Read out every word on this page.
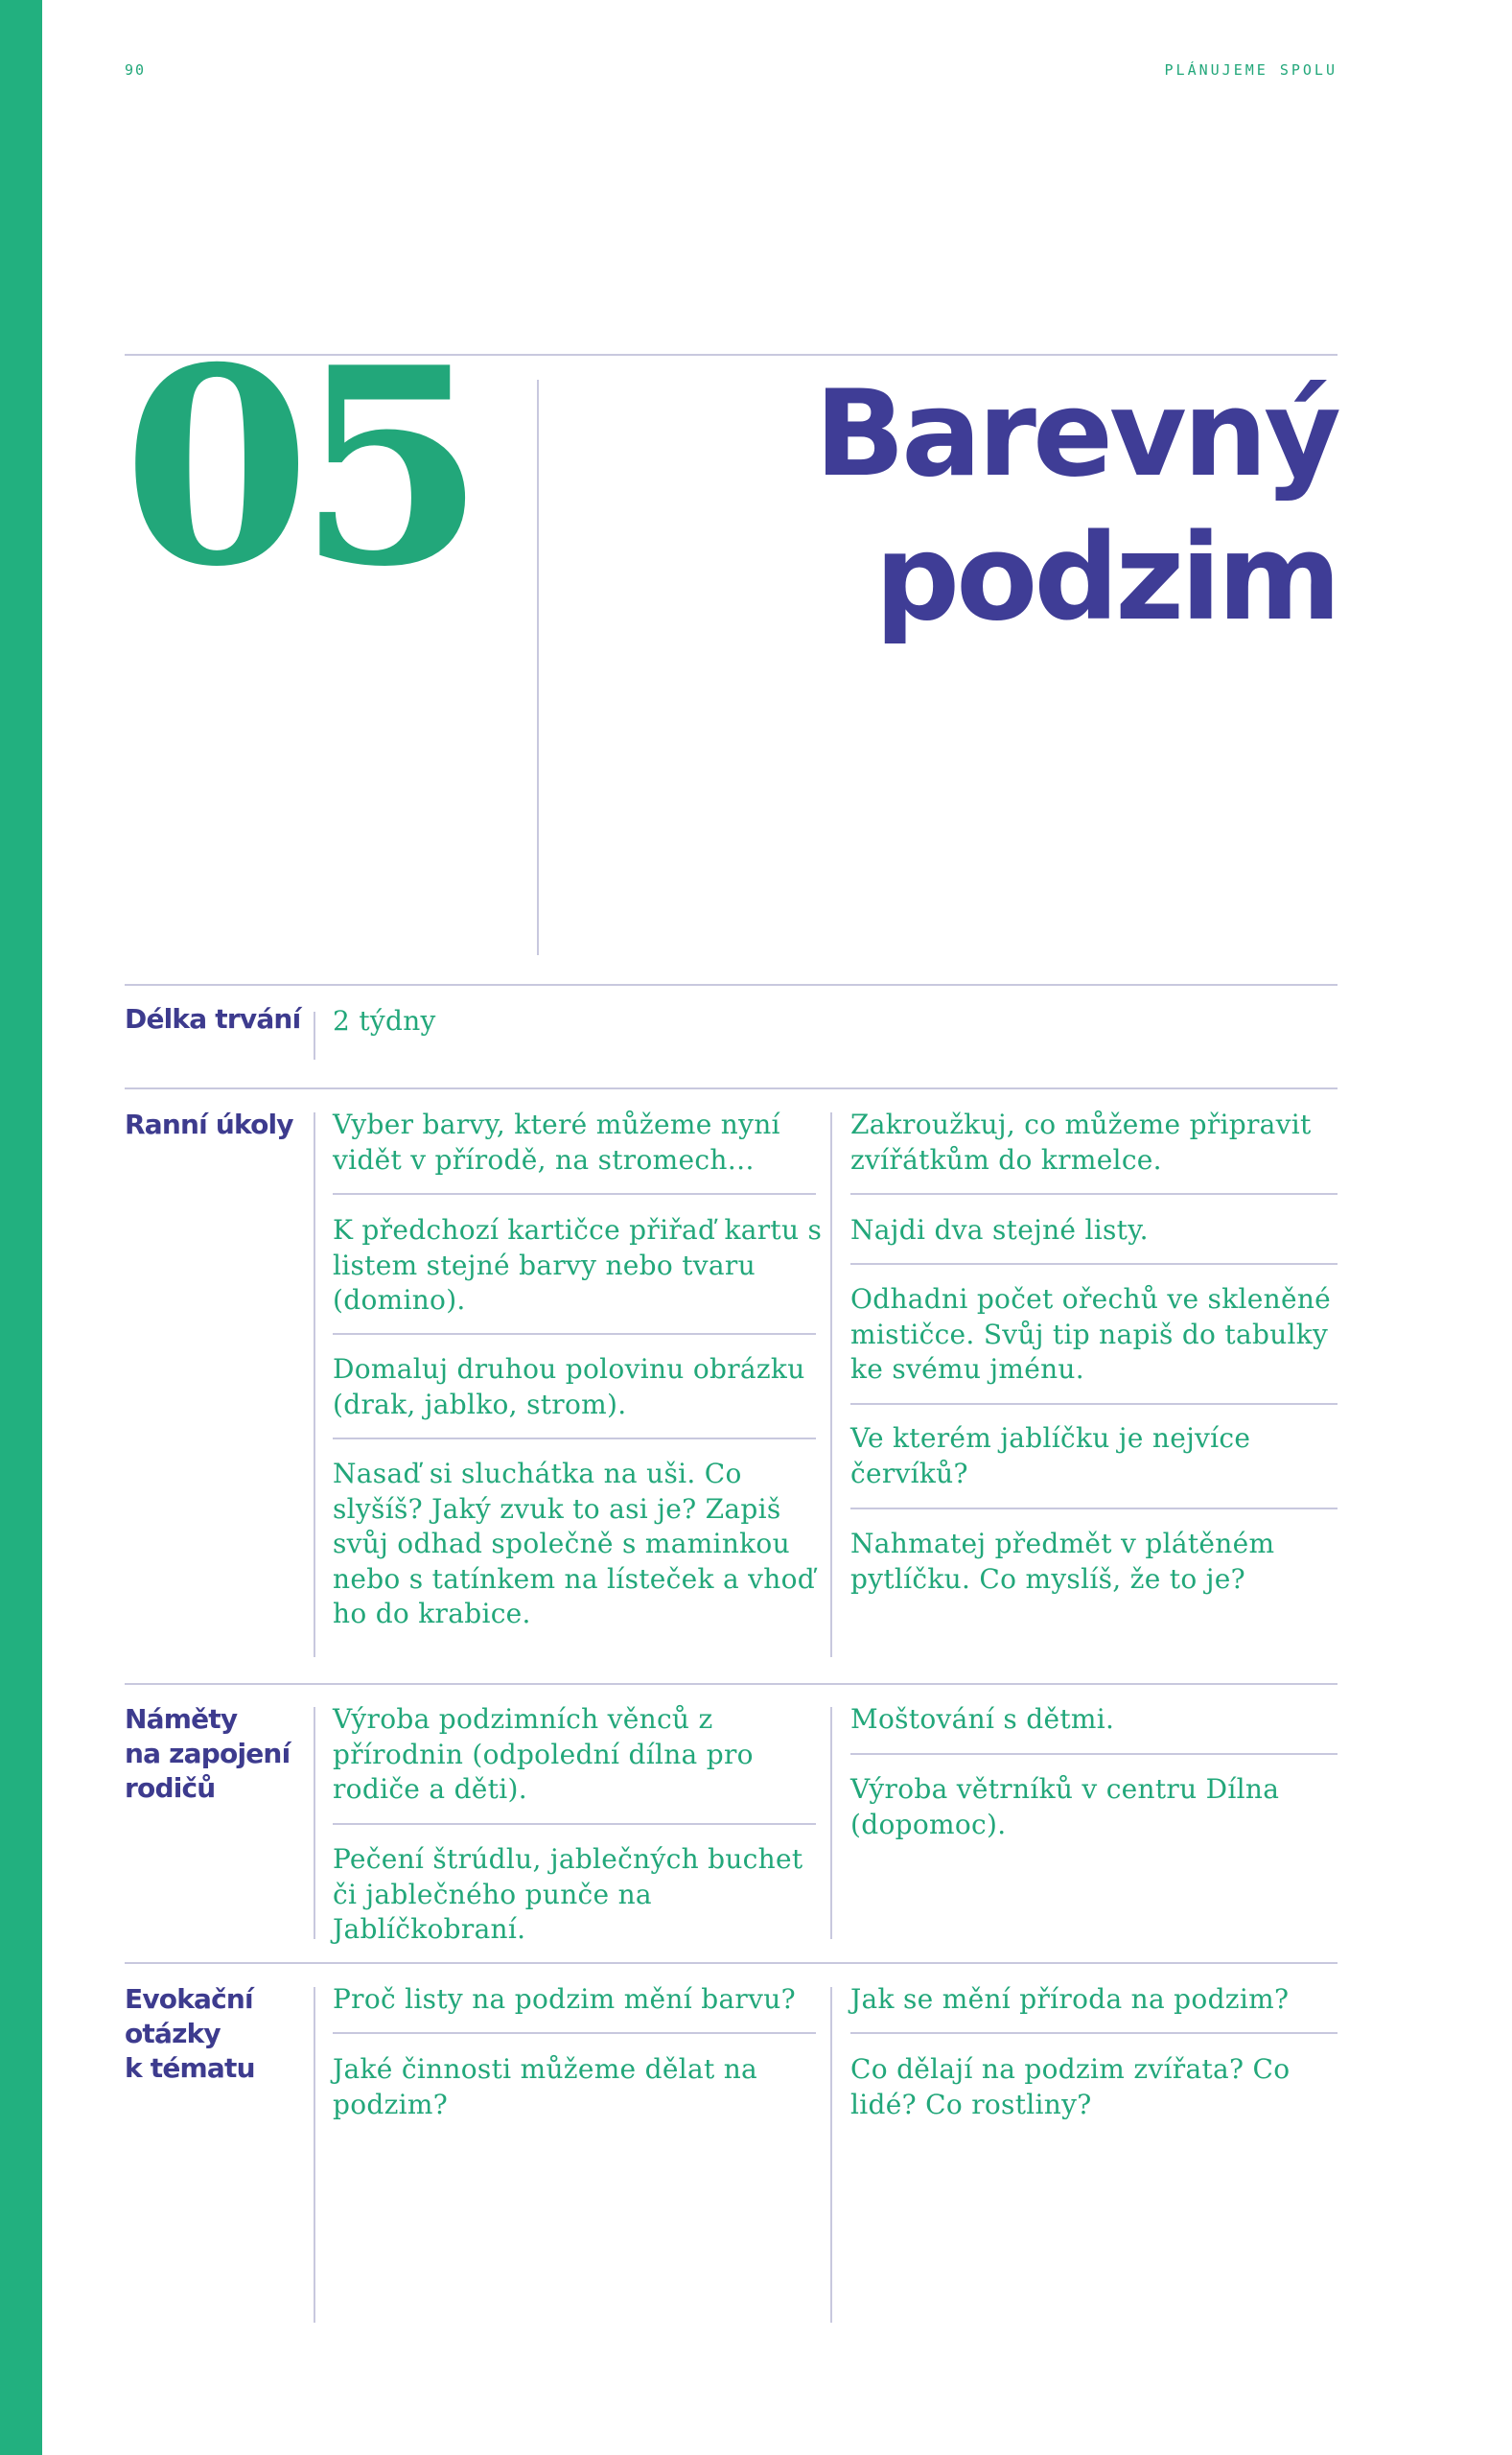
90	PLÁNUJEME SPOLU
05	Barevný
podzim
Délka trvání 2 týdny
Ranní úkoly Vyber barvy, které můžeme nyní vidět v přírodě, na stromech…
K předchozí kartičce přiřaď kartu s listem stejné barvy nebo tvaru (domino).
Domaluj druhou polovinu obrázku (drak, jablko, strom).
Nasaď si sluchátka na uši. Co slyšíš? Jaký zvuk to asi je? Zapiš svůj odhad společně s maminkou nebo s tatínkem na lísteček a vhoď ho do krabice.
Zakroužkuj, co můžeme připravit zvířátkům do krmelce.
Najdi dva stejné listy.
Odhadni počet ořechů ve skleněné mističce. Svůj tip napiš do tabulky ke svému jménu.
Ve kterém jablíčku je nejvíce červíků?
Nahmatej předmět v plátěném pytlíčku. Co myslíš, že to je?
Náměty
na zapojení
rodičů
Výroba podzimních věnců z přírodnin (odpolední dílna pro rodiče a děti).
Pečení štrúdlu, jablečných buchet či jablečného punče na Jablíčkobraní.
Moštování s dětmi.
Výroba větrníků v centru Dílna (dopomoc).
Evokační
otázky
k tématu
Proč listy na podzim mění barvu?
Jaké činnosti můžeme dělat na podzim?
Jak se mění příroda na podzim?
Co dělají na podzim zvířata? Co lidé? Co rostliny?
